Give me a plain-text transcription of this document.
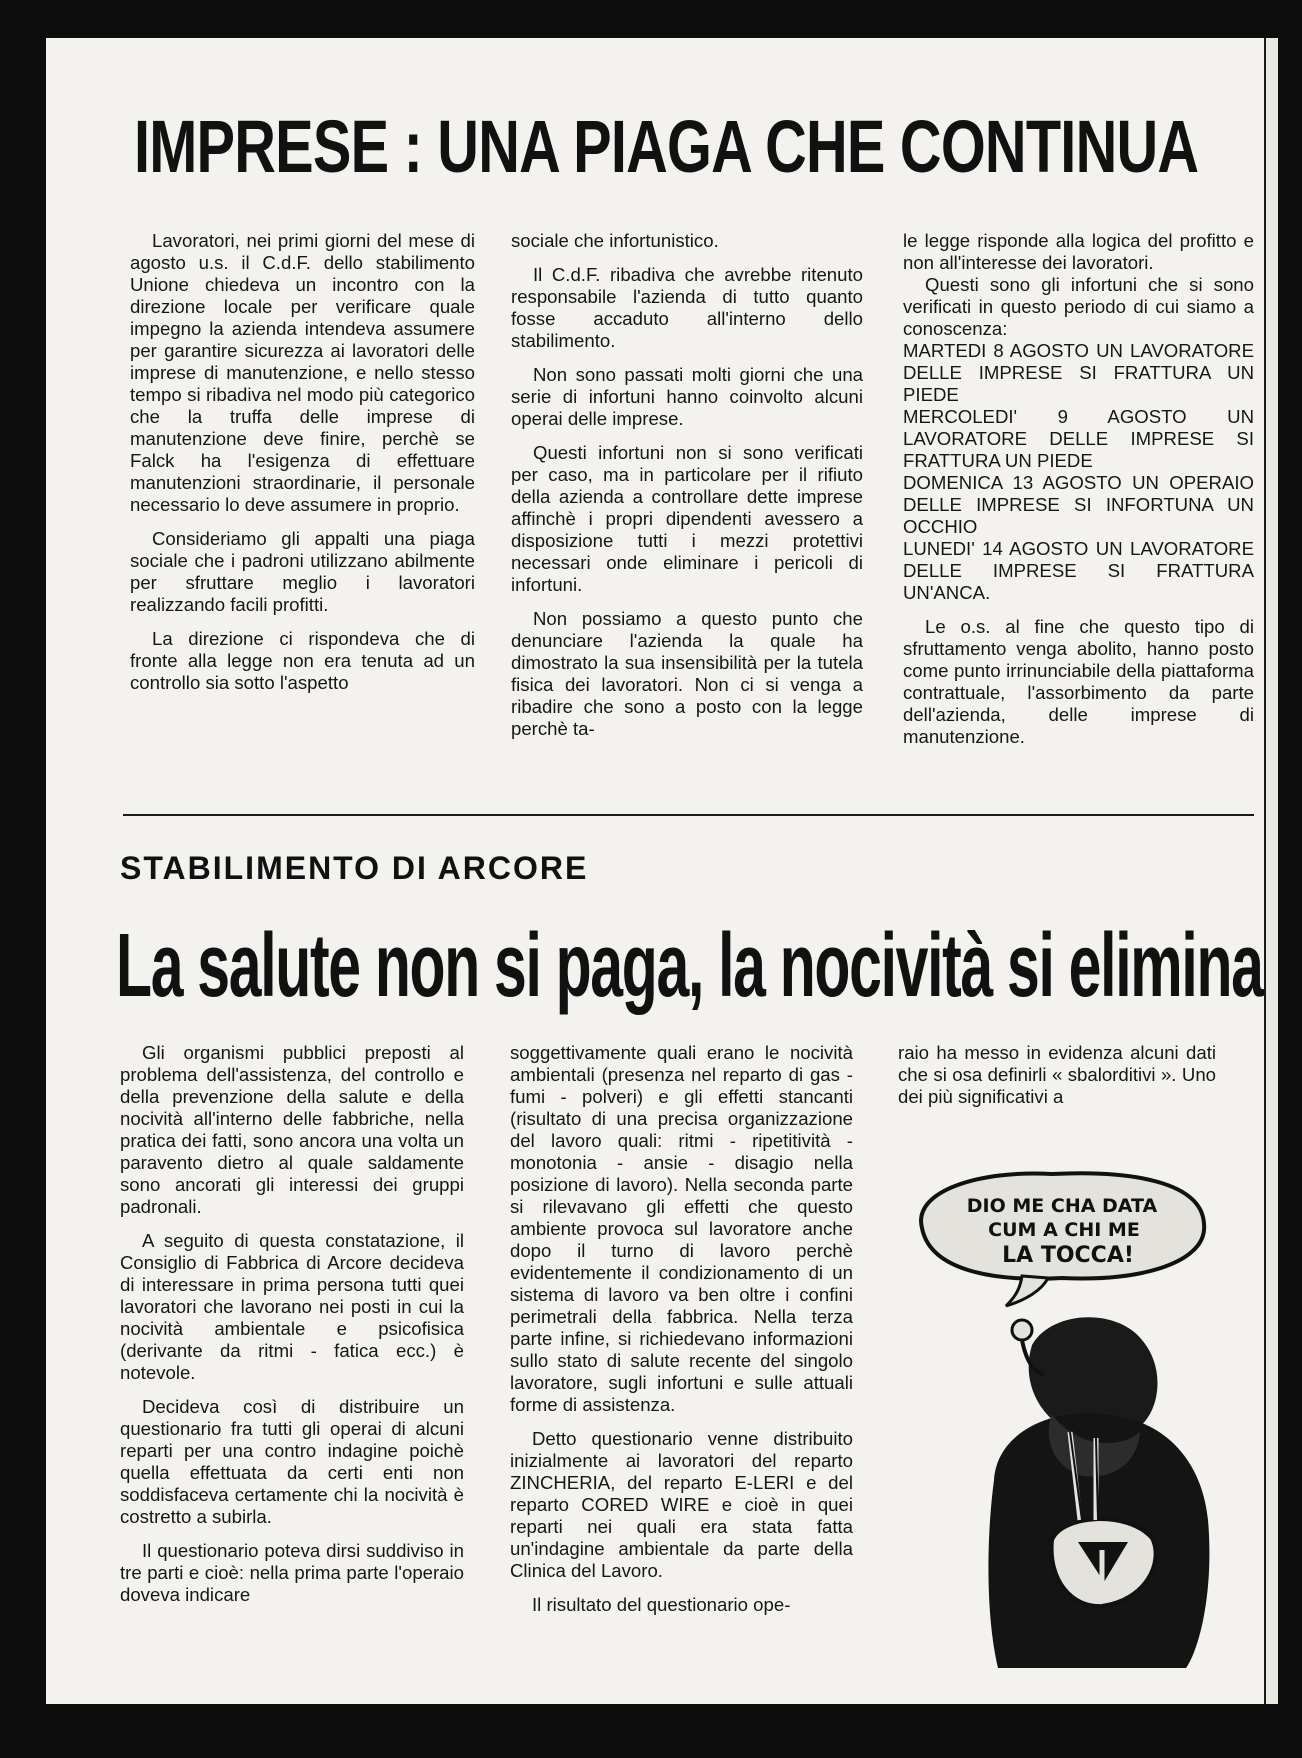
IMPRESE : UNA PIAGA CHE CONTINUA

Lavoratori, nei primi giorni del mese di agosto u.s. il C.d.F. dello stabilimento Unione chiedeva un incontro con la direzione locale per verificare quale impegno la azienda intendeva assumere per garantire sicurezza ai lavoratori delle imprese di manutenzione, e nello stesso tempo si ribadiva nel modo più categorico che la truffa delle imprese di manutenzione deve finire, perchè se Falck ha l'esigenza di effettuare manutenzioni straordinarie, il personale necessario lo deve assumere in proprio.

Consideriamo gli appalti una piaga sociale che i padroni utilizzano abilmente per sfruttare meglio i lavoratori realizzando facili profitti.

La direzione ci rispondeva che di fronte alla legge non era tenuta ad un controllo sia sotto l'aspetto

sociale che infortunistico.

Il C.d.F. ribadiva che avrebbe ritenuto responsabile l'azienda di tutto quanto fosse accaduto all'interno dello stabilimento.

Non sono passati molti giorni che una serie di infortuni hanno coinvolto alcuni operai delle imprese.

Questi infortuni non si sono verificati per caso, ma in particolare per il rifiuto della azienda a controllare dette imprese affinchè i propri dipendenti avessero a disposizione tutti i mezzi protettivi necessari onde eliminare i pericoli di infortuni.

Non possiamo a questo punto che denunciare l'azienda la quale ha dimostrato la sua insensibilità per la tutela fisica dei lavoratori. Non ci si venga a ribadire che sono a posto con la legge perchè ta-

le legge risponde alla logica del profitto e non all'interesse dei lavoratori.

Questi sono gli infortuni che si sono verificati in questo periodo di cui siamo a conoscenza:

MARTEDI 8 AGOSTO UN LAVORATORE DELLE IMPRESE SI FRATTURA UN PIEDE

MERCOLEDI' 9 AGOSTO UN LAVORATORE DELLE IMPRESE SI FRATTURA UN PIEDE

DOMENICA 13 AGOSTO UN OPERAIO DELLE IMPRESE SI INFORTUNA UN OCCHIO

LUNEDI' 14 AGOSTO UN LAVORATORE DELLE IMPRESE SI FRATTURA UN'ANCA.

Le o.s. al fine che questo tipo di sfruttamento venga abolito, hanno posto come punto irrinunciabile della piattaforma contrattuale, l'assorbimento da parte dell'azienda, delle imprese di manutenzione.

STABILIMENTO DI ARCORE
La salute non si paga, la nocività si elimina

Gli organismi pubblici preposti al problema dell'assistenza, del controllo e della prevenzione della salute e della nocività all'interno delle fabbriche, nella pratica dei fatti, sono ancora una volta un paravento dietro al quale saldamente sono ancorati gli interessi dei gruppi padronali.

A seguito di questa constatazione, il Consiglio di Fabbrica di Arcore decideva di interessare in prima persona tutti quei lavoratori che lavorano nei posti in cui la nocività ambientale e psicofisica (derivante da ritmi - fatica ecc.) è notevole.

Decideva così di distribuire un questionario fra tutti gli operai di alcuni reparti per una contro indagine poichè quella effettuata da certi enti non soddisfaceva certamente chi la nocività è costretto a subirla.

Il questionario poteva dirsi suddiviso in tre parti e cioè: nella prima parte l'operaio doveva indicare

soggettivamente quali erano le nocività ambientali (presenza nel reparto di gas - fumi - polveri) e gli effetti stancanti (risultato di una precisa organizzazione del lavoro quali: ritmi - ripetitività - monotonia - ansie - disagio nella posizione di lavoro). Nella seconda parte si rilevavano gli effetti che questo ambiente provoca sul lavoratore anche dopo il turno di lavoro perchè evidentemente il condizionamento di un sistema di lavoro va ben oltre i confini perimetrali della fabbrica. Nella terza parte infine, si richiedevano informazioni sullo stato di salute recente del singolo lavoratore, sugli infortuni e sulle attuali forme di assistenza.

Detto questionario venne distribuito inizialmente ai lavoratori del reparto ZINCHERIA, del reparto E-LERI e del reparto CORED WIRE e cioè in quei reparti nei quali era stata fatta un'indagine ambientale da parte della Clinica del Lavoro.

Il risultato del questionario ope-

raio ha messo in evidenza alcuni dati che si osa definirli « sbalorditivi ». Uno dei più significativi a

DIO ME CHA DATA
CUM A CHI ME
LA TOCCA!
